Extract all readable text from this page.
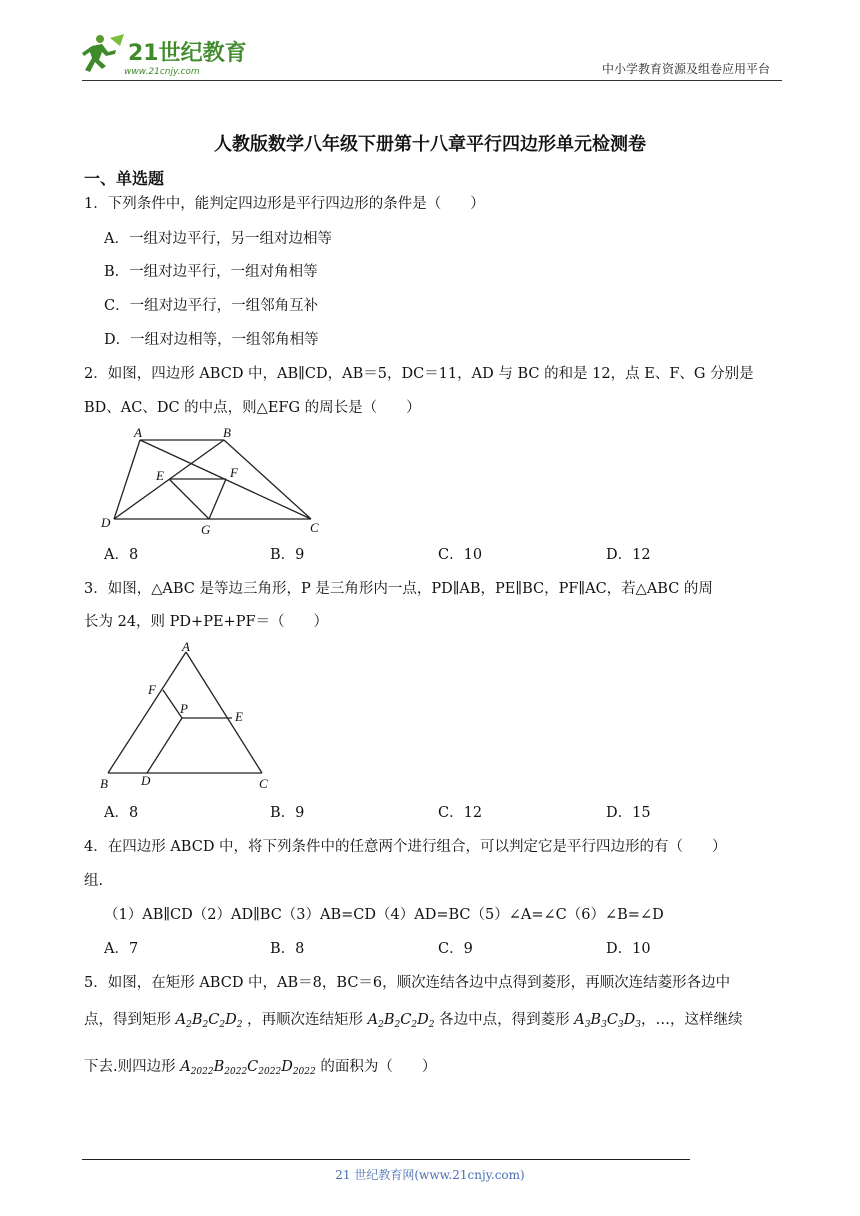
21世纪教育
www.21cnjy.com	中小学教育资源及组卷应用平台
人教版数学八年级下册第十八章平行四边形单元检测卷
一、单选题
1．下列条件中，能判定四边形是平行四边形的条件是（　　）
A．一组对边平行，另一组对边相等
B．一组对边平行，一组对角相等
C．一组对边平行，一组邻角互补
D．一组对边相等，一组邻角相等
2．如图，四边形 ABCD 中，AB∥CD，AB＝5，DC＝11，AD 与 BC 的和是 12，点 E、F、G 分别是
BD、AC、DC 的中点，则△EFG 的周长是（　　）
A	B
E	F
D	G	C
A．8	B．9	C．10	D．12
3．如图，△ABC 是等边三角形，P 是三角形内一点，PD∥AB，PE∥BC，PF∥AC，若△ABC 的周
长为 24，则 PD+PE+PF＝（　　）
A
F
P
E
B	D	C
A．8	B．9	C．12	D．15
4．在四边形 ABCD 中，将下列条件中的任意两个进行组合，可以判定它是平行四边形的有（　　）
组.
（1）AB∥CD（2）AD∥BC（3）AB=CD（4）AD=BC（5）∠A=∠C（6）∠B=∠D
A．7	B．8	C．9	D．10
5．如图，在矩形 ABCD 中，AB＝8，BC＝6，顺次连结各边中点得到菱形，再顺次连结菱形各边中
点，得到矩形 $A_2B_2C_2D_2$ ，再顺次连结矩形 $A_2B_2C_2D_2$ 各边中点，得到菱形 $A_3B_3C_3D_3$，…，这样继续
下去.则四边形 $A_{2022}B_{2022}C_{2022}D_{2022}$ 的面积为（　　）
21 世纪教育网(www.21cnjy.com)
